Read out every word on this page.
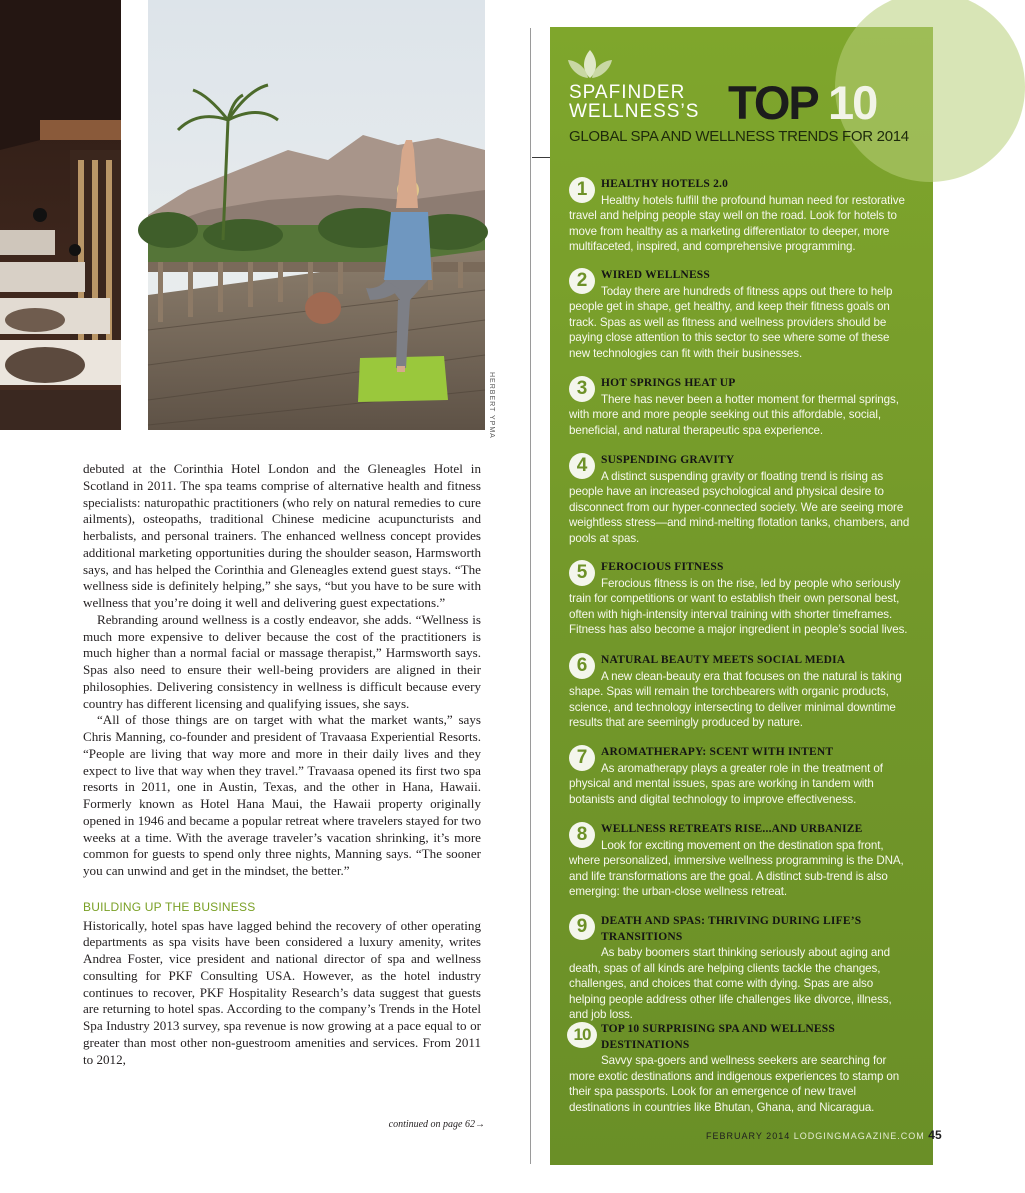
HERBERT YPMA

debuted at the Corinthia Hotel London and the Gleneagles Hotel in Scotland in 2011. The spa teams comprise of alternative health and fitness specialists: naturopathic practitioners (who rely on natural remedies to cure ailments), osteopaths, traditional Chinese medicine acupuncturists and herbalists, and personal trainers. The enhanced wellness concept provides additional marketing opportunities during the shoulder season, Harmsworth says, and has helped the Corinthia and Gleneagles extend guest stays. “The wellness side is definitely helping,” she says, “but you have to be sure with wellness that you’re doing it well and delivering guest expectations.”

Rebranding around wellness is a costly endeavor, she adds. “Wellness is much more expensive to deliver because the cost of the practitioners is much higher than a normal facial or massage therapist,” Harmsworth says. Spas also need to ensure their well-being providers are aligned in their philosophies. Delivering consistency in wellness is difficult because every country has different licensing and qualifying issues, she says.

“All of those things are on target with what the market wants,” says Chris Manning, co-founder and president of Travaasa Experiential Resorts. “People are living that way more and more in their daily lives and they expect to live that way when they travel.” Travaasa opened its first two spa resorts in 2011, one in Austin, Texas, and the other in Hana, Hawaii. Formerly known as Hotel Hana Maui, the Hawaii property originally opened in 1946 and became a popular retreat where travelers stayed for two weeks at a time. With the average traveler’s vacation shrinking, it’s more common for guests to spend only three nights, Manning says. “The sooner you can unwind and get in the mindset, the better.”

BUILDING UP THE BUSINESS

Historically, hotel spas have lagged behind the recovery of other operating departments as spa visits have been considered a luxury amenity, writes Andrea Foster, vice president and national director of spa and wellness consulting for PKF Consulting USA. However, as the hotel industry continues to recover, PKF Hospitality Research’s data suggest that guests are returning to hotel spas. According to the company’s Trends in the Hotel Spa Industry 2013 survey, spa revenue is now growing at a pace equal to or greater than most other non-guestroom amenities and services. From 2011 to 2012,

continued on page 62→
SPAFINDER
WELLNESS’S TOP 10
GLOBAL SPA AND WELLNESS TRENDS FOR 2014
1	HEALTHY HOTELS 2.0

Healthy hotels fulfill the profound human need for restorative travel and helping people stay well on the road. Look for hotels to move from healthy as a marketing differentiator to deeper, more multifaceted, inspired, and comprehensive programming.

2	WIRED WELLNESS

Today there are hundreds of fitness apps out there to help people get in shape, get healthy, and keep their fitness goals on track. Spas as well as fitness and wellness providers should be paying close attention to this sector to see where some of these new technologies can fit with their businesses.

3	HOT SPRINGS HEAT UP

There has never been a hotter moment for thermal springs, with more and more people seeking out this affordable, social, beneficial, and natural therapeutic spa experience.

4	SUSPENDING GRAVITY

A distinct suspending gravity or floating trend is rising as people have an increased psychological and physical desire to disconnect from our hyper-connected society. We are seeing more weightless stress—and mind-melting flotation tanks, chambers, and pools at spas.

5	FEROCIOUS FITNESS

Ferocious fitness is on the rise, led by people who seriously train for competitions or want to establish their own personal best, often with high-intensity interval training with shorter timeframes. Fitness has also become a major ingredient in people’s social lives.

6	NATURAL BEAUTY MEETS SOCIAL MEDIA

A new clean-beauty era that focuses on the natural is taking shape. Spas will remain the torchbearers with organic products, science, and technology intersecting to deliver minimal downtime results that are seemingly produced by nature.

7	AROMATHERAPY: SCENT WITH INTENT

As aromatherapy plays a greater role in the treatment of physical and mental issues, spas are working in tandem with botanists and digital technology to improve effectiveness.

8	WELLNESS RETREATS RISE...AND URBANIZE

Look for exciting movement on the destination spa front, where personalized, immersive wellness programming is the DNA, and life transformations are the goal. A distinct sub-trend is also emerging: the urban-close wellness retreat.

9	DEATH AND SPAS: THRIVING DURING LIFE’S TRANSITIONS

As baby boomers start thinking seriously about aging and death, spas of all kinds are helping clients tackle the changes, challenges, and choices that come with dying. Spas are also helping people address other life challenges like divorce, illness, and job loss.

10 TOP 10 SURPRISING SPA AND WELLNESS DESTINATIONS

Savvy spa-goers and wellness seekers are searching for more exotic destinations and indigenous experiences to stamp on their spa passports. Look for an emergence of new travel destinations in countries like Bhutan, Ghana, and Nicaragua.

FEBRUARY 2014 LODGINGMAGAZINE.COM 45
